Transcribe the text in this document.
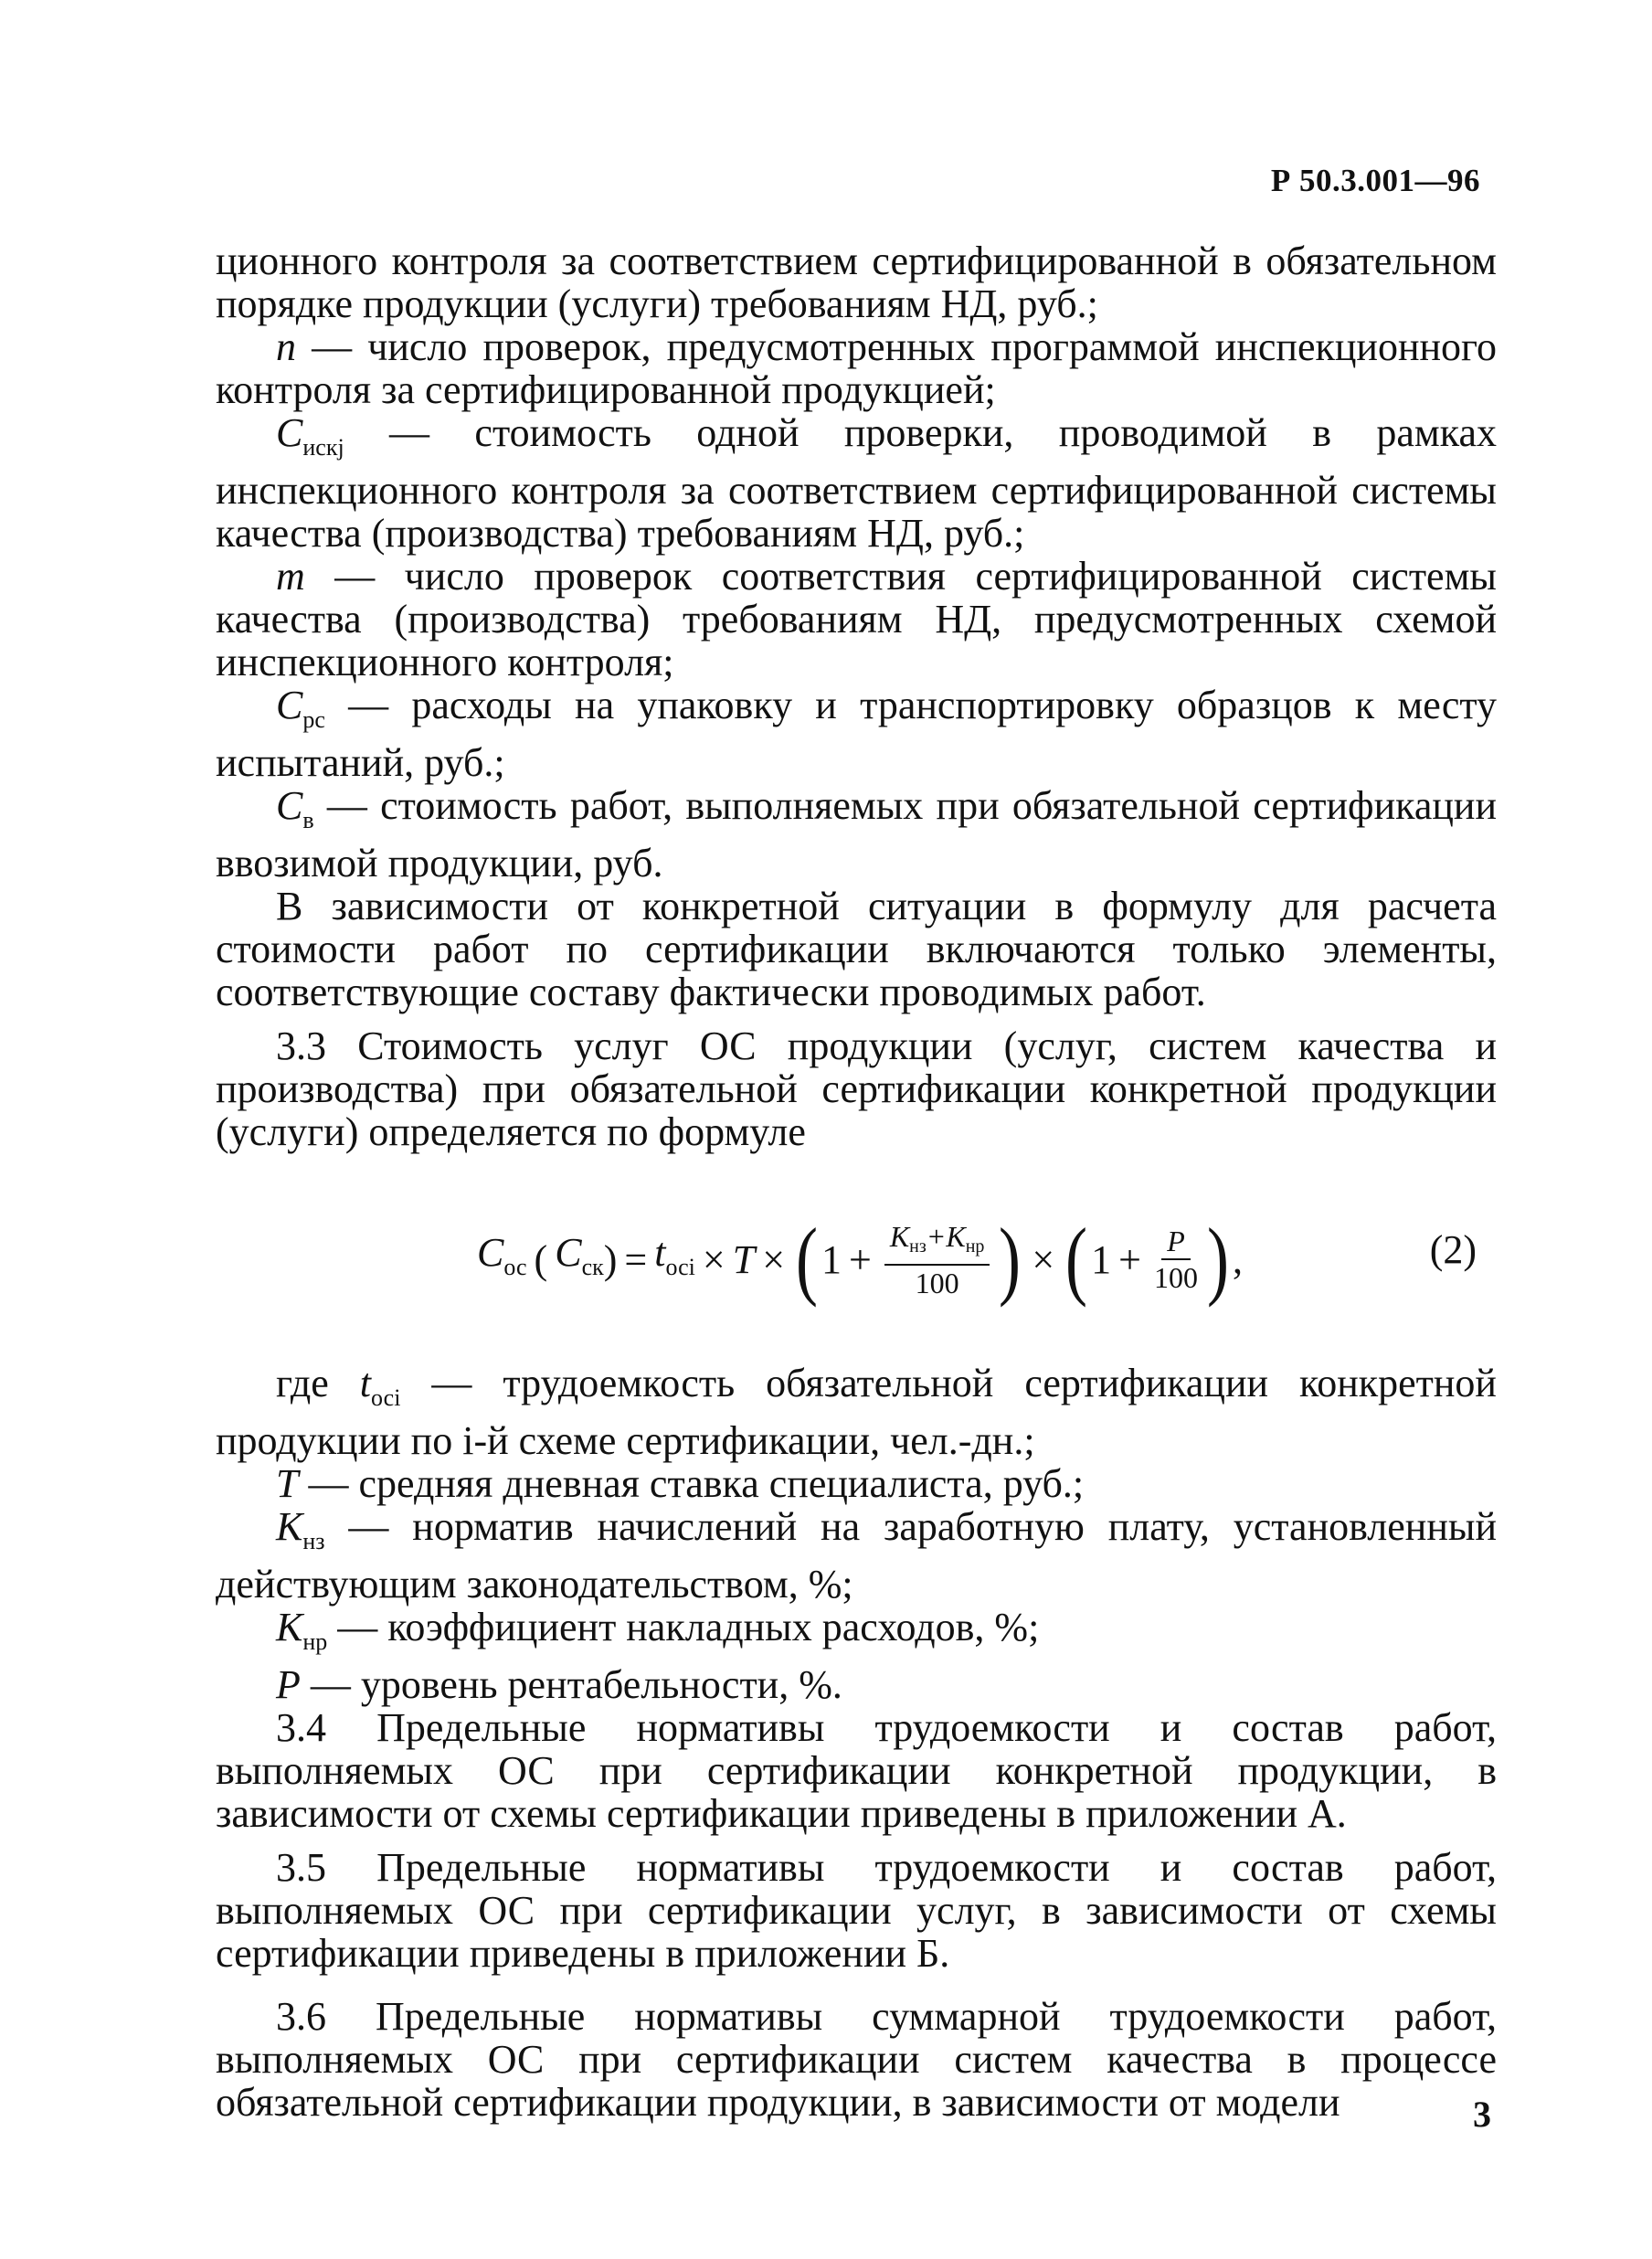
Р 50.3.001—96

ционного контроля за соответствием сертифицированной в обязательном порядке продукции (услуги) требованиям НД, руб.;

n — число проверок, предусмотренных программой инспекционного контроля за сертифицированной продукцией;

$С_{искj}$ — стоимость одной проверки, проводимой в рамках инспекционного контроля за соответствием сертифицированной системы качества (производства) требованиям НД, руб.;

m — число проверок соответствия сертифицированной системы качества (производства) требованиям НД, предусмотренных схемой инспекционного контроля;

$С_{рс}$ — расходы на упаковку и транспортировку образцов к месту испытаний, руб.;

$С_в$ — стоимость работ, выполняемых при обязательной сертификации ввозимой продукции, руб.

В зависимости от конкретной ситуации в формулу для расчета стоимости работ по сертификации включаются только элементы, соответствующие составу фактически проводимых работ.

3.3 Стоимость услуг ОС продукции (услуг, систем качества и производства) при обязательной сертификации конкретной продукции (услуги) определяется по формуле

$С_{ос}$ ( $С_{ск}$ ) = $t_{осi} \times T$ × ( $1 + \frac{K_{нз}+K_{нр}}{100}$ ) × ( $1 + \frac{P}{100}$ ) ,	(2)

где $t_{осi}$ — трудоемкость обязательной сертификации конкретной продукции по i-й схеме сертификации, чел.-дн.;

T — средняя дневная ставка специалиста, руб.;

$K_{нз}$ — норматив начислений на заработную плату, установленный действующим законодательством, %;

$K_{нр}$ — коэффициент накладных расходов, %;

P — уровень рентабельности, %.

3.4 Предельные нормативы трудоемкости и состав работ, выполняемых ОС при сертификации конкретной продукции, в зависимости от схемы сертификации приведены в приложении А.

3.5 Предельные нормативы трудоемкости и состав работ, выполняемых ОС при сертификации услуг, в зависимости от схемы сертификации приведены в приложении Б.

3.6 Предельные нормативы суммарной трудоемкости работ, выполняемых ОС при сертификации систем качества в процессе обязательной сертификации продукции, в зависимости от модели	3
